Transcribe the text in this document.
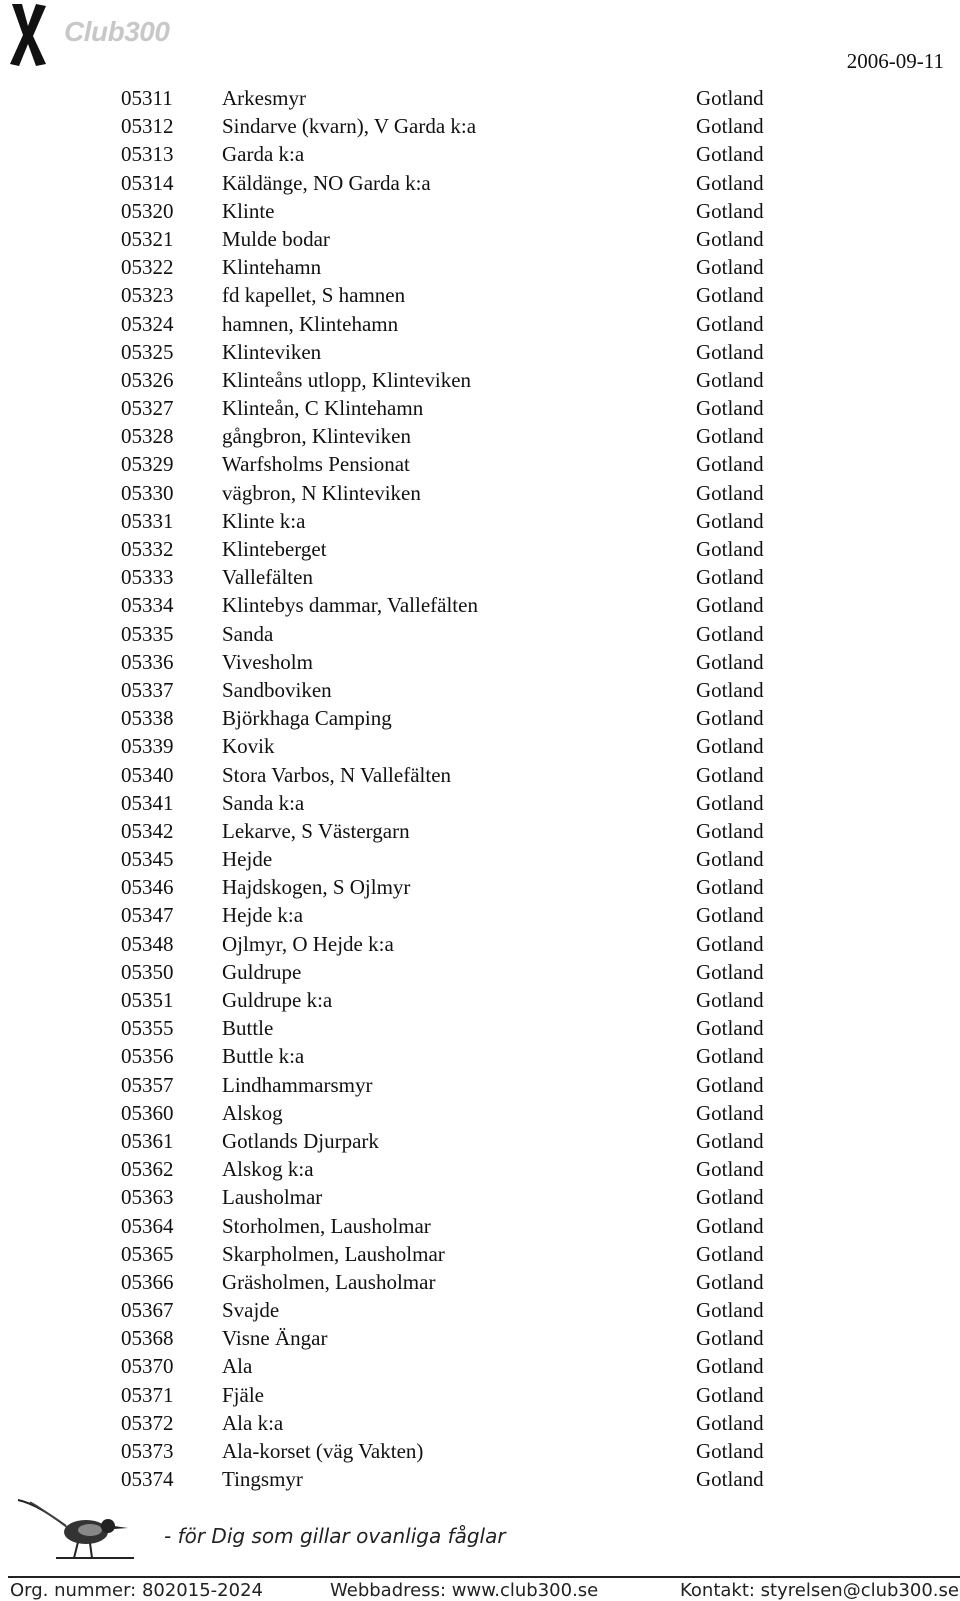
Club300
2006-09-11
05311 Arkesmyr	Gotland
05312 Sindarve (kvarn), V Garda k:a	Gotland
05313 Garda k:a	Gotland
05314 Käldänge, NO Garda k:a	Gotland
05320 Klinte	Gotland
05321 Mulde bodar	Gotland
05322 Klintehamn	Gotland
05323 fd kapellet, S hamnen	Gotland
05324 hamnen, Klintehamn	Gotland
05325 Klinteviken	Gotland
05326 Klinteåns utlopp, Klinteviken	Gotland
05327 Klinteån, C Klintehamn	Gotland
05328 gångbron, Klinteviken	Gotland
05329 Warfsholms Pensionat	Gotland
05330 vägbron, N Klinteviken	Gotland
05331 Klinte k:a	Gotland
05332 Klinteberget	Gotland
05333 Vallefälten	Gotland
05334 Klintebys dammar, Vallefälten	Gotland
05335 Sanda	Gotland
05336 Vivesholm	Gotland
05337 Sandboviken	Gotland
05338 Björkhaga Camping	Gotland
05339 Kovik	Gotland
05340 Stora Varbos, N Vallefälten	Gotland
05341 Sanda k:a	Gotland
05342 Lekarve, S Västergarn	Gotland
05345 Hejde	Gotland
05346 Hajdskogen, S Ojlmyr	Gotland
05347 Hejde k:a	Gotland
05348 Ojlmyr, O Hejde k:a	Gotland
05350 Guldrupe	Gotland
05351 Guldrupe k:a	Gotland
05355 Buttle	Gotland
05356 Buttle k:a	Gotland
05357 Lindhammarsmyr	Gotland
05360 Alskog	Gotland
05361 Gotlands Djurpark	Gotland
05362 Alskog k:a	Gotland
05363 Lausholmar	Gotland
05364 Storholmen, Lausholmar	Gotland
05365 Skarpholmen, Lausholmar	Gotland
05366 Gräsholmen, Lausholmar	Gotland
05367 Svajde	Gotland
05368 Visne Ängar	Gotland
05370 Ala	Gotland
05371 Fjäle	Gotland
05372 Ala k:a	Gotland
05373 Ala-korset (väg Vakten)	Gotland
05374 Tingsmyr	Gotland
- för Dig som gillar ovanliga fåglar
Org. nummer: 802015-2024	Webbadress: www.club300.se	Kontakt: styrelsen@club300.se
